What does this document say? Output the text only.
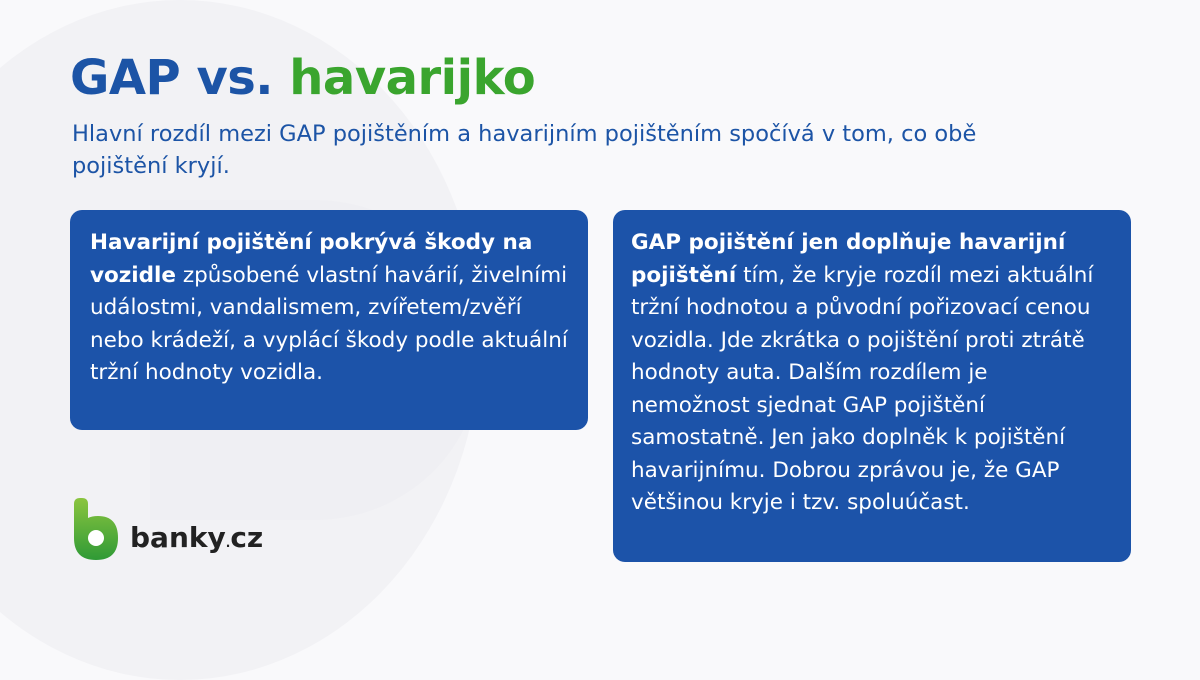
GAP vs. havarijko

Hlavní rozdíl mezi GAP pojištěním a havarijním pojištěním spočívá v tom, co obě pojištění kryjí.

Havarijní pojištění pokrývá škody na vozidle způsobené vlastní havárií, živelními událostmi, vandalismem, zvířetem/zvěří nebo krádeží, a vyplácí škody podle aktuální tržní hodnoty vozidla.

GAP pojištění jen doplňuje havarijní pojištění tím, že kryje rozdíl mezi aktuální tržní hodnotou a původní pořizovací cenou vozidla. Jde zkrátka o pojištění proti ztrátě hodnoty auta. Dalším rozdílem je nemožnost sjednat GAP pojištění samostatně. Jen jako doplněk k pojištění havarijnímu. Dobrou zprávou je, že GAP většinou kryje i tzv. spoluúčast.

banky.cz
